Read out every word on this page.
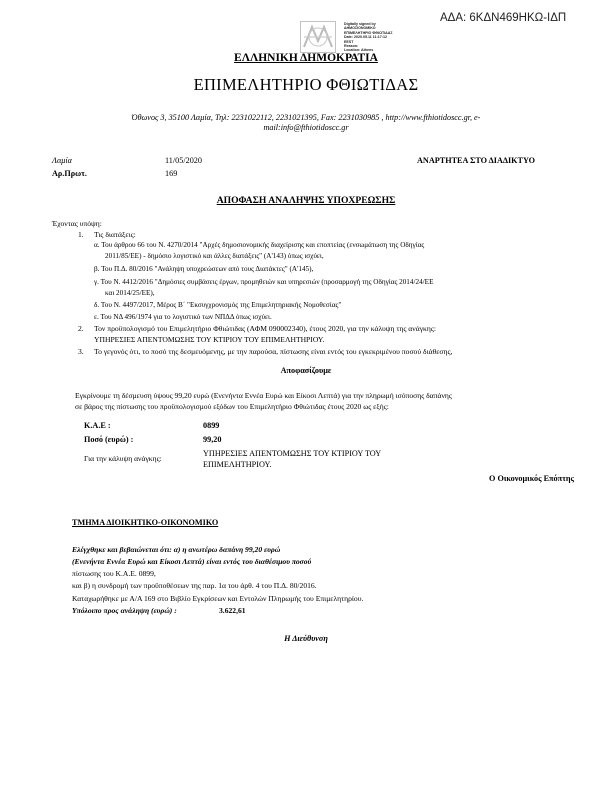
ΑΔΑ: 6ΚΔΝ469ΗΚΩ-ΙΔΠ
Digitally signed by
ΔΗΜΟΣΙΟΝΟΜΙΚΟ
ΕΠΙΜΕΛΗΤΗΡΙΟ ΦΘΙΩΤΙΔΑΣ
Date: 2020.05.11 11:17:12
EEST
Reason:
Location: Athens
ΕΛΛΗΝΙΚΗ ΔΗΜΟΚΡΑΤΙΑ
ΕΠΙΜΕΛΗΤΗΡΙΟ ΦΘΙΩΤΙΔΑΣ
Όθωνος 3, 35100 Λαμία, Τηλ: 2231022112, 2231021395, Fax: 2231030985 , http://www.fthiotidoscc.gr, e-
mail:info@fthiotidoscc.gr
Λαμία	11/05/2020	ΑΝΑΡΤΗΤΕΑ ΣΤΟ ΔΙΑΔΙΚΤΥΟ
Αρ.Πρωτ.	169
ΑΠΟΦΑΣΗ ΑΝΑΛΗΨΗΣ ΥΠΟΧΡΕΩΣΗΣ
Έχοντας υπόψη:
1. Τις διατάξεις:
α. Του άρθρου 66 του Ν. 4270/2014 "Αρχές δημοσιονομικής διαχείρισης και εποπτείας (ενσωμάτωση της Οδηγίας
2011/85/ΕΕ) - δημόσιο λογιστικό και άλλες διατάξεις" (Α'143) όπως ισχύει,
β. Του Π.Δ. 80/2016 "Ανάληψη υποχρεώσεων από τους Διατάκτες" (Α'145),
γ. Του Ν. 4412/2016 "Δημόσιες συμβάσεις έργων, προμηθειών και υπηρεσιών (προσαρμογή της Οδηγίας 2014/24/ΕΕ
και 2014/25/ΕΕ),
δ. Του Ν. 4497/2017, Μέρος Β΄ "Εκσυγχρονισμός της Επιμελητηριακής Νομοθεσίας"
ε. Του ΝΔ 496/1974 για το λογιστικό των ΝΠΔΔ όπως ισχύει.
2. Τον προϋπολογισμό του Επιμελητήριο Φθιώτιδας (ΑΦΜ 090002340), έτους 2020, για την κάλυψη της ανάγκης:
ΥΠΗΡΕΣΙΕΣ ΑΠΕΝΤΟΜΩΣΗΣ ΤΟΥ ΚΤΙΡΙΟΥ ΤΟΥ ΕΠΙΜΕΛΗΤΗΡΙΟΥ.
3. Το γεγονός ότι, το ποσό της δεσμευόμενης, με την παρούσα, πίστωσης είναι εντός του εγκεκριμένου ποσού διάθεσης,
Αποφασίζουμε
Εγκρίνουμε τη δέσμευση ύψους 99,20 ευρώ (Ενενήντα Εννέα Ευρώ και Είκοσι Λεπτά) για την πληρωμή ισόποσης δαπάνης
σε βάρος της πίστωσης του προϋπολογισμού εξόδων του Επιμελητήριο Φθιώτιδας έτους 2020 ως εξής:
Κ.Α.Ε :	0899
Ποσό (ευρώ) :	99,20
Για την κάλυψη ανάγκης:
ΥΠΗΡΕΣΙΕΣ ΑΠΕΝΤΟΜΩΣΗΣ ΤΟΥ ΚΤΙΡΙΟΥ ΤΟΥ
ΕΠΙΜΕΛΗΤΗΡΙΟΥ.
Ο Οικονομικός Επόπτης
ΤΜΗΜΑ ΔΙΟΙΚΗΤΙΚΟ-ΟΙΚΟΝΟΜΙΚΟ
Ελέγχθηκε και βεβαιώνεται ότι: α) η ανωτέρω δαπάνη 99,20 ευρώ
(Ενενήντα Εννέα Ευρώ και Είκοσι Λεπτά) είναι εντός του διαθέσιμου ποσού
πίστωσης του Κ.Α.Ε. 0899,
και β) η συνδρομή των προϋποθέσεων της παρ. 1α του άρθ. 4 του Π.Δ. 80/2016.
Καταχωρήθηκε με Α/Α 169 στο Βιβλίο Εγκρίσεων και Εντολών Πληρωμής του Επιμελητηρίου.
Υπόλοιπο προς ανάληψη (ευρώ) :	3.622,61
Η Διεύθυνση
